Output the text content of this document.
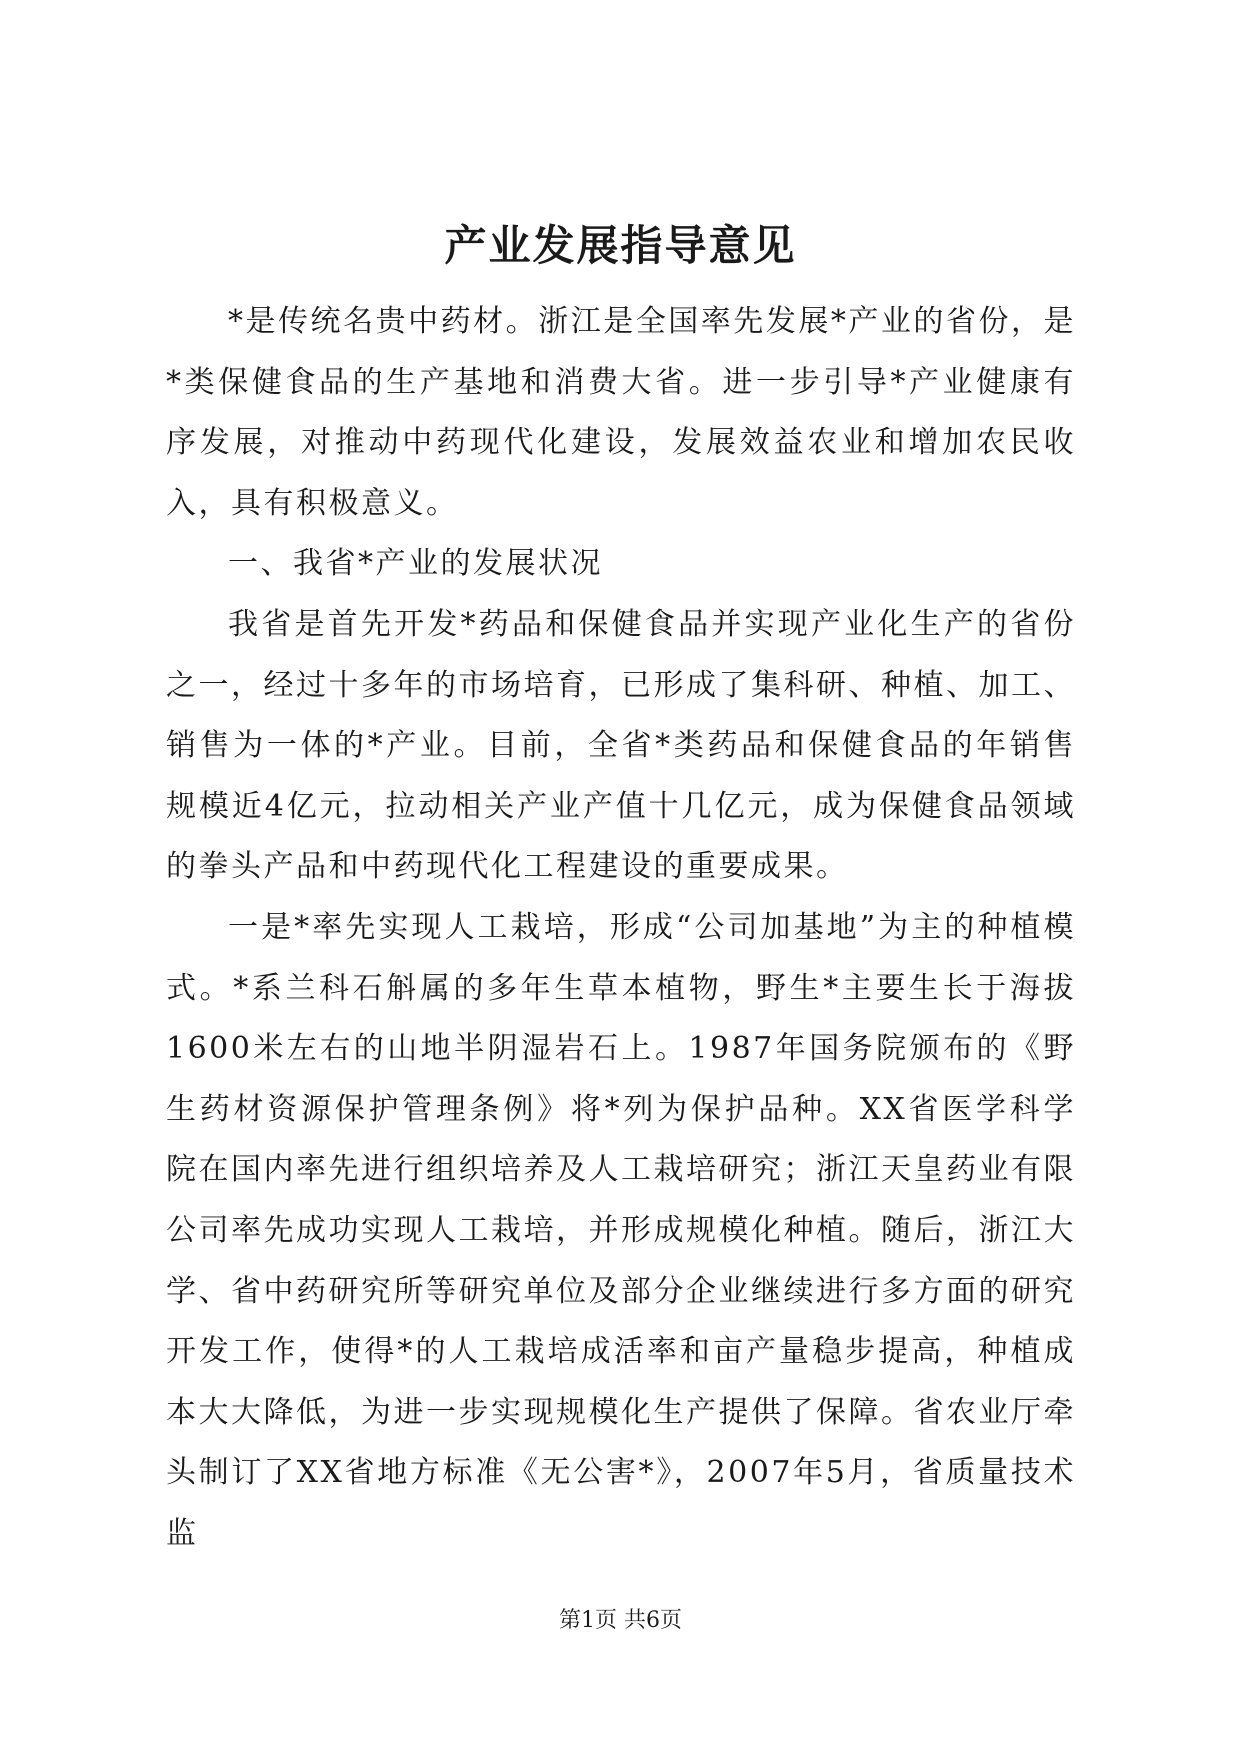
产业发展指导意见

*是传统名贵中药材。浙江是全国率先发展*产业的省份，是*类保健食品的生产基地和消费大省。进一步引导*产业健康有序发展，对推动中药现代化建设，发展效益农业和增加农民收入，具有积极意义。

一、我省*产业的发展状况

我省是首先开发*药品和保健食品并实现产业化生产的省份之一，经过十多年的市场培育，已形成了集科研、种植、加工、销售为一体的*产业。目前，全省*类药品和保健食品的年销售规模近4亿元，拉动相关产业产值十几亿元，成为保健食品领域的拳头产品和中药现代化工程建设的重要成果。

一是*率先实现人工栽培，形成“公司加基地”为主的种植模式。*系兰科石斛属的多年生草本植物，野生*主要生长于海拔1600米左右的山地半阴湿岩石上。1987年国务院颁布的《野生药材资源保护管理条例》将*列为保护品种。XX省医学科学院在国内率先进行组织培养及人工栽培研究；浙江天皇药业有限公司率先成功实现人工栽培，并形成规模化种植。随后，浙江大学、省中药研究所等研究单位及部分企业继续进行多方面的研究开发工作，使得*的人工栽培成活率和亩产量稳步提高，种植成本大大降低，为进一步实现规模化生产提供了保障。省农业厅牵头制订了XX省地方标准《无公害*》，2007年5月，省质量技术监

第1页 共6页
